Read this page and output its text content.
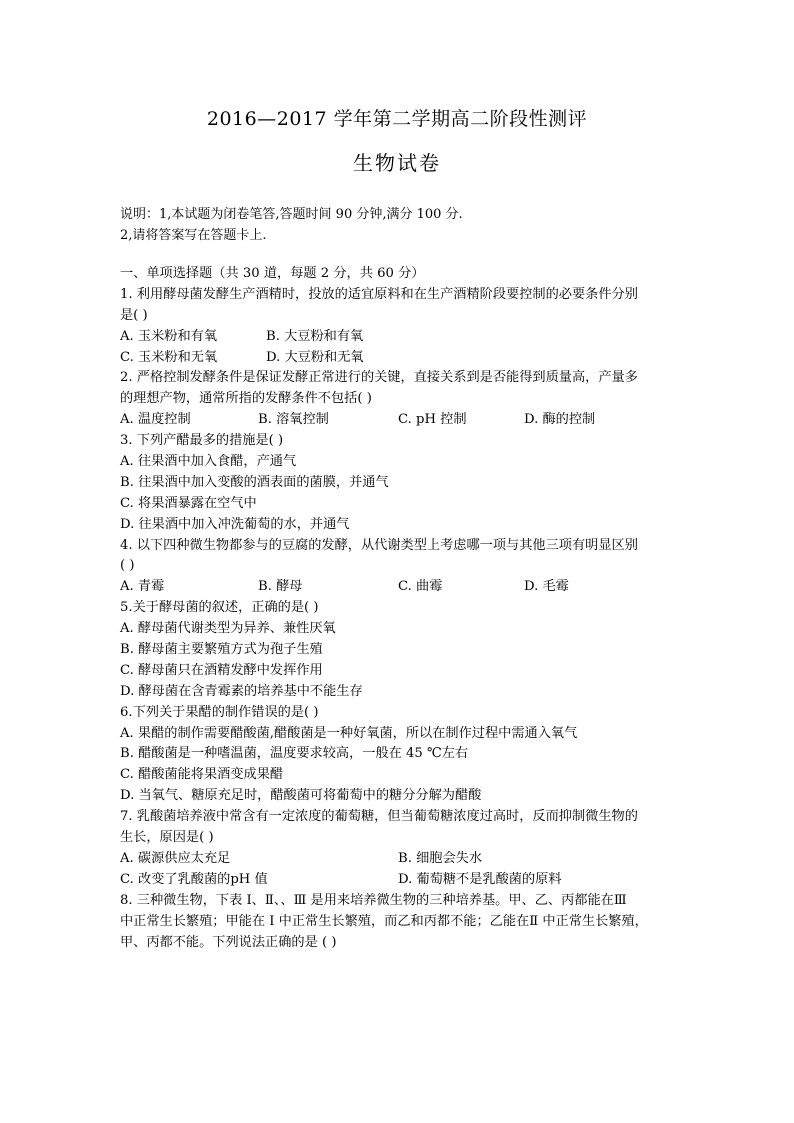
2016—2017 学年第二学期高二阶段性测评
生物试卷
说明：1,本试题为闭卷笔答,答题时间 90 分钟,满分 100 分.
2,请将答案写在答题卡上.
一、单项选择题（共 30 道，每题 2 分，共 60 分）
1. 利用酵母菌发酵生产酒精时，投放的适宜原料和在生产酒精阶段要控制的必要条件分别
是( )
A. 玉米粉和有氧	B. 大豆粉和有氧
C. 玉米粉和无氧	D. 大豆粉和无氧
2. 严格控制发酵条件是保证发酵正常进行的关键，直接关系到是否能得到质量高，产量多
的理想产物，通常所指的发酵条件不包括( )
A. 温度控制	B. 溶氧控制	C. pH 控制	D. 酶的控制
3. 下列产醋最多的措施是( )
A. 往果酒中加入食醋，产通气
B. 往果酒中加入变酸的酒表面的菌膜，并通气
C. 将果酒暴露在空气中
D. 往果酒中加入冲洗葡萄的水，并通气
4. 以下四种微生物都参与的豆腐的发酵，从代谢类型上考虑哪一项与其他三项有明显区别
( )
A. 青霉	B. 酵母	C. 曲霉	D. 毛霉
5.关于酵母菌的叙述，正确的是( )
A. 酵母菌代谢类型为异养、兼性厌氧
B. 酵母菌主要繁殖方式为孢子生殖
C. 酵母菌只在酒精发酵中发挥作用
D. 酵母菌在含青霉素的培养基中不能生存
6.下列关于果醋的制作错误的是( )
A. 果醋的制作需要醋酸菌,醋酸菌是一种好氧菌，所以在制作过程中需通入氧气
B. 醋酸菌是一种嗜温菌，温度要求较高，一般在 45 ℃左右
C. 醋酸菌能将果酒变成果醋
D. 当氧气、糖原充足时，醋酸菌可将葡萄中的糖分分解为醋酸
7. 乳酸菌培养液中常含有一定浓度的葡萄糖，但当葡萄糖浓度过高时，反而抑制微生物的
生长，原因是( )
A. 碳源供应太充足	B. 细胞会失水
C. 改变了乳酸菌的pH 值	D. 葡萄糖不是乳酸菌的原料
8. 三种微生物，下表 I、Ⅱ、、Ⅲ 是用来培养微生物的三种培养基。甲、乙、丙都能在Ⅲ
中正常生长繁殖；甲能在 I 中正常生长繁殖，而乙和丙都不能；乙能在Ⅱ 中正常生长繁殖，
甲、丙都不能。下列说法正确的是 ( )
